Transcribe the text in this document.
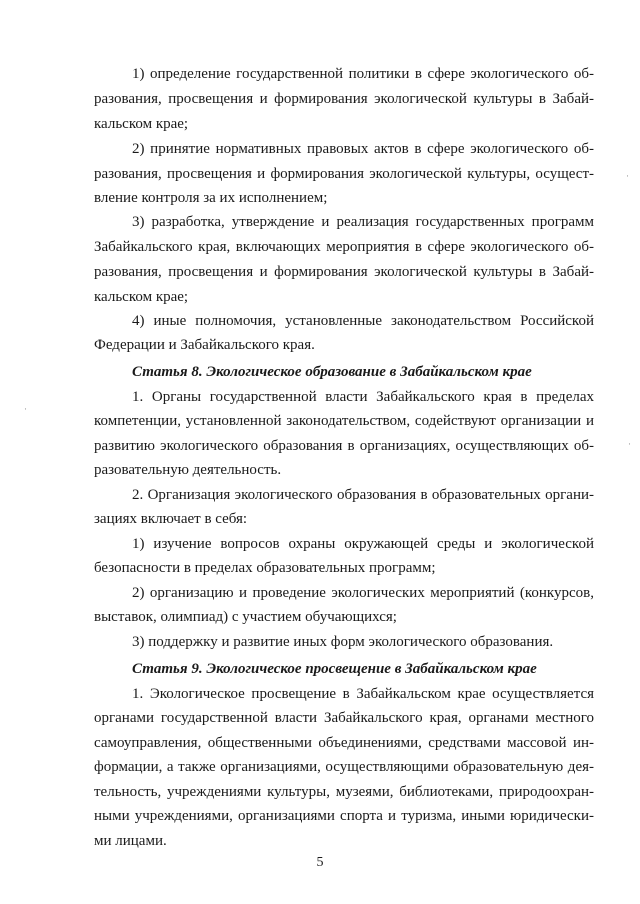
1) определение государственной политики в сфере экологического об-

разования, просвещения и формирования экологической культуры в Забай-

кальском крае;

2) принятие нормативных правовых актов в сфере экологического об-

разования, просвещения и формирования экологической культуры, осущест-

вление контроля за их исполнением;

3) разработка, утверждение и реализация государственных программ

Забайкальского края, включающих мероприятия в сфере экологического об-

разования, просвещения и формирования экологической культуры в Забай-

кальском крае;

4) иные полномочия, установленные законодательством Российской

Федерации и Забайкальского края.

Статья 8. Экологическое образование в Забайкальском крае

1. Органы государственной власти Забайкальского края в пределах

компетенции, установленной законодательством, содействуют организации и

развитию экологического образования в организациях, осуществляющих об-

разовательную деятельность.

2. Организация экологического образования в образовательных органи-

зациях включает в себя:

1) изучение вопросов охраны окружающей среды и экологической

безопасности в пределах образовательных программ;

2) организацию и проведение экологических мероприятий (конкурсов,

выставок, олимпиад) с участием обучающихся;

3) поддержку и развитие иных форм экологического образования.

Статья 9. Экологическое просвещение в Забайкальском крае

1. Экологическое просвещение в Забайкальском крае осуществляется

органами государственной власти Забайкальского края, органами местного

самоуправления, общественными объединениями, средствами массовой ин-

формации, а также организациями, осуществляющими образовательную дея-

тельность, учреждениями культуры, музеями, библиотеками, природоохран-

ными учреждениями, организациями спорта и туризма, иными юридически-

ми лицами.

5
·
·
·
